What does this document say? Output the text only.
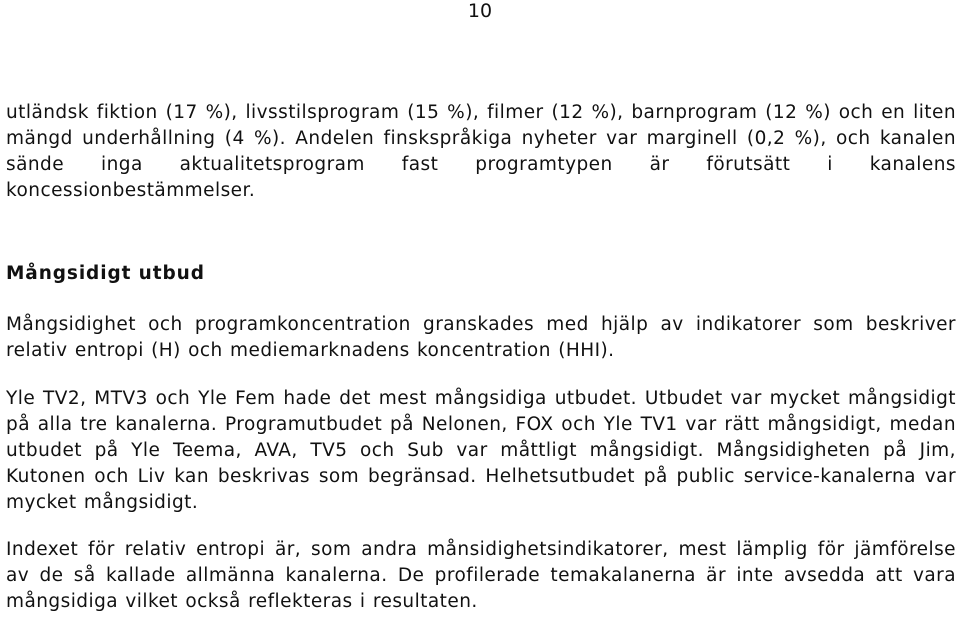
10

utländsk fiktion (17 %), livsstilsprogram (15 %), filmer (12 %), barnprogram (12 %) och en liten mängd underhållning (4 %). Andelen finskspråkiga nyheter var marginell (0,2 %), och kanalen sände inga aktualitetsprogram fast programtypen är förutsätt i kanalens koncessionbestämmelser.

Mångsidigt utbud

Mångsidighet och programkoncentration granskades med hjälp av indikatorer som beskriver relativ entropi (H) och mediemarknadens koncentration (HHI).

Yle TV2, MTV3 och Yle Fem hade det mest mångsidiga utbudet. Utbudet var mycket mångsidigt på alla tre kanalerna. Programutbudet på Nelonen, FOX och Yle TV1 var rätt mångsidigt, medan utbudet på Yle Teema, AVA, TV5 och Sub var måttligt mångsidigt. Mångsidigheten på Jim, Kutonen och Liv kan beskrivas som begränsad. Helhetsutbudet på public service-kanalerna var mycket mångsidigt.

Indexet för relativ entropi är, som andra månsidighetsindikatorer, mest lämplig för jämförelse av de så kallade allmänna kanalerna. De profilerade temakalanerna är inte avsedda att vara mångsidiga vilket också reflekteras i resultaten.
